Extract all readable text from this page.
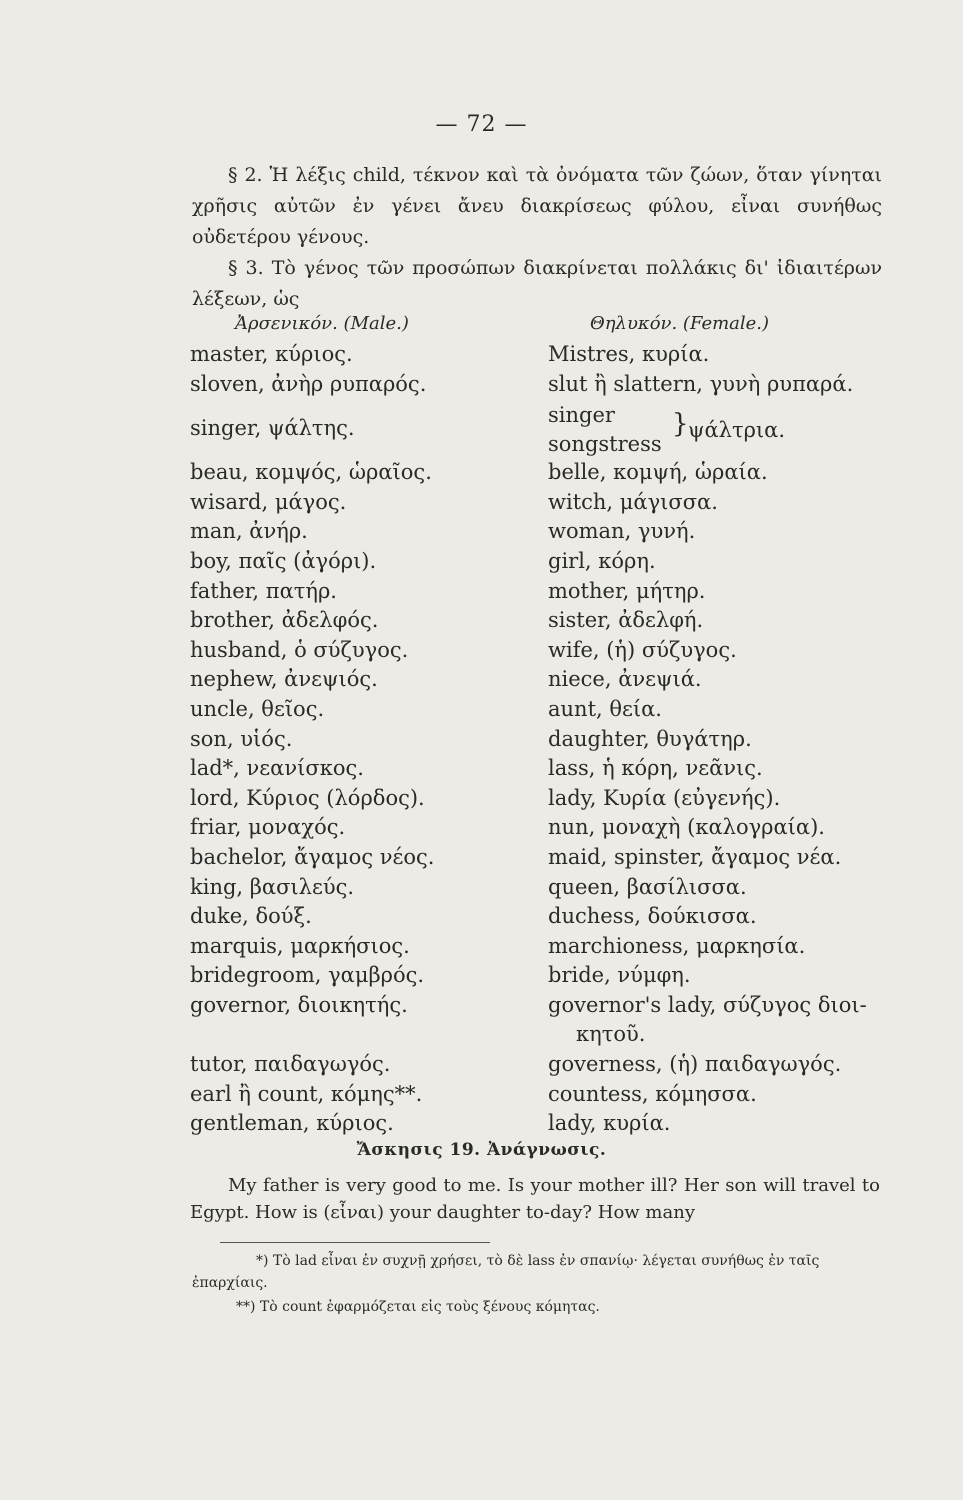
— 72 —
§ 2. Ἡ λέξις child, τέκνον καὶ τὰ ὀνόματα τῶν ζώων, ὅταν γίνηται χρῆσις αὐτῶν ἐν γένει ἄνευ διακρίσεως φύλου, εἶναι συνήθως οὐδετέρου γένους.
§ 3. Τὸ γένος τῶν προσώπων διακρίνεται πολλάκις δι' ἰδιαιτέρων λέξεων, ὡς
Ἀρσενικόν. (Male.)	Θηλυκόν. (Female.)
master, κύριος.
sloven, ἀνὴρ ρυπαρός.
singer, ψάλτης.
beau, κομψός, ὡραῖος.
wisard, μάγος.
man, ἀνήρ.
boy, παῖς (ἀγόρι).
father, πατήρ.
brother, ἀδελφός.
husband, ὁ σύζυγος.
nephew, ἀνεψιός.
uncle, θεῖος.
son, υἱός.
lad*, νεανίσκος.
lord, Κύριος (λόρδος).
friar, μοναχός.
bachelor, ἄγαμος νέος.
king, βασιλεύς.
duke, δούξ.
marquis, μαρκήσιος.
bridegroom, γαμβρός.
governor, διοικητής.
tutor, παιδαγωγός.
earl ἢ count, κόμης**.
gentleman, κύριος.
Mistres, κυρία.
slut ἢ slattern, γυνὴ ρυπαρά.
singer
songstress
} ψάλτρια.
belle, κομψή, ὡραία.
witch, μάγισσα.
woman, γυνή.
girl, κόρη.
mother, μήτηρ.
sister, ἀδελφή.
wife, (ἡ) σύζυγος.
niece, ἀνεψιά.
aunt, θεία.
daughter, θυγάτηρ.
lass, ἡ κόρη, νεᾶνις.
lady, Κυρία (εὐγενής).
nun, μοναχὴ (καλογραία).
maid, spinster, ἄγαμος νέα.
queen, βασίλισσα.
duchess, δούκισσα.
marchioness, μαρκησία.
bride, νύμφη.
governor's lady, σύζυγος διοι-
κητοῦ.
governess, (ἡ) παιδαγωγός.
countess, κόμησσα.
lady, κυρία.
Ἄσκησις 19. Ἀνάγνωσις.
My father is very good to me. Is your mother ill? Her son will travel to Egypt. How is (εἶναι) your daughter to-day? How many
*) Τὸ lad εἶναι ἐν συχνῇ χρήσει, τὸ δὲ lass ἐν σπανίῳ· λέγεται συνήθως ἐν ταῖς ἐπαρχίαις.
**) Τὸ count ἐφαρμόζεται εἰς τοὺς ξένους κόμητας.
